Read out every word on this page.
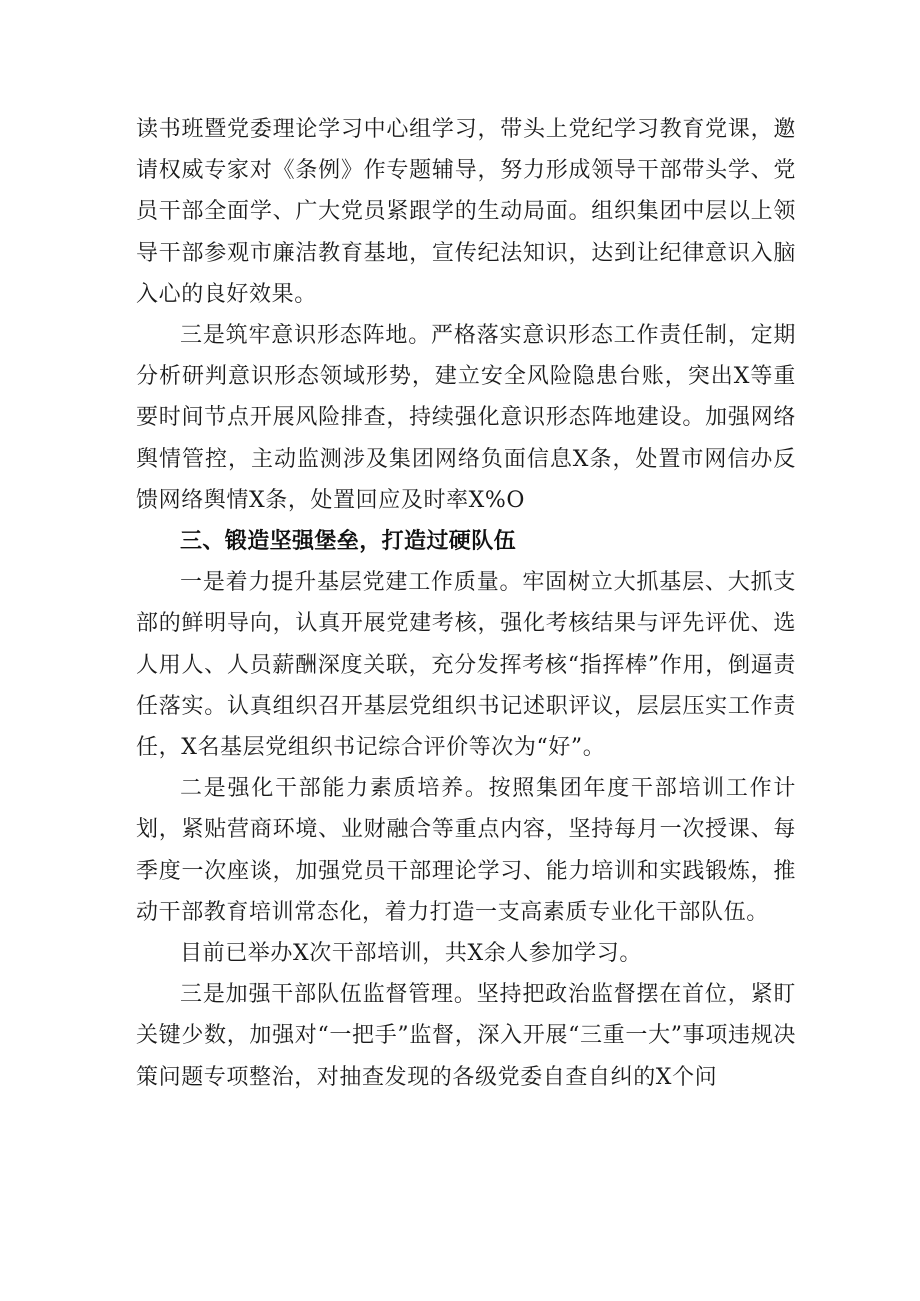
读书班暨党委理论学习中心组学习，带头上党纪学习教育党课，邀请权威专家对《条例》作专题辅导，努力形成领导干部带头学、党员干部全面学、广大党员紧跟学的生动局面。组织集团中层以上领导干部参观市廉洁教育基地，宣传纪法知识，达到让纪律意识入脑入心的良好效果。

三是筑牢意识形态阵地。严格落实意识形态工作责任制，定期分析研判意识形态领域形势，建立安全风险隐患台账，突出X等重要时间节点开展风险排查，持续强化意识形态阵地建设。加强网络舆情管控，主动监测涉及集团网络负面信息X条，处置市网信办反馈网络舆情X条，处置回应及时率X%O

三、锻造坚强堡垒，打造过硬队伍

一是着力提升基层党建工作质量。牢固树立大抓基层、大抓支部的鲜明导向，认真开展党建考核，强化考核结果与评先评优、选人用人、人员薪酬深度关联，充分发挥考核“指挥棒”作用，倒逼责任落实。认真组织召开基层党组织书记述职评议，层层压实工作责任，X名基层党组织书记综合评价等次为“好”。

二是强化干部能力素质培养。按照集团年度干部培训工作计划，紧贴营商环境、业财融合等重点内容，坚持每月一次授课、每季度一次座谈，加强党员干部理论学习、能力培训和实践锻炼，推动干部教育培训常态化，着力打造一支高素质专业化干部队伍。

目前已举办X次干部培训，共X余人参加学习。

三是加强干部队伍监督管理。坚持把政治监督摆在首位，紧盯关键少数，加强对“一把手”监督，深入开展“三重一大”事项违规决策问题专项整治，对抽查发现的各级党委自查自纠的X个问
